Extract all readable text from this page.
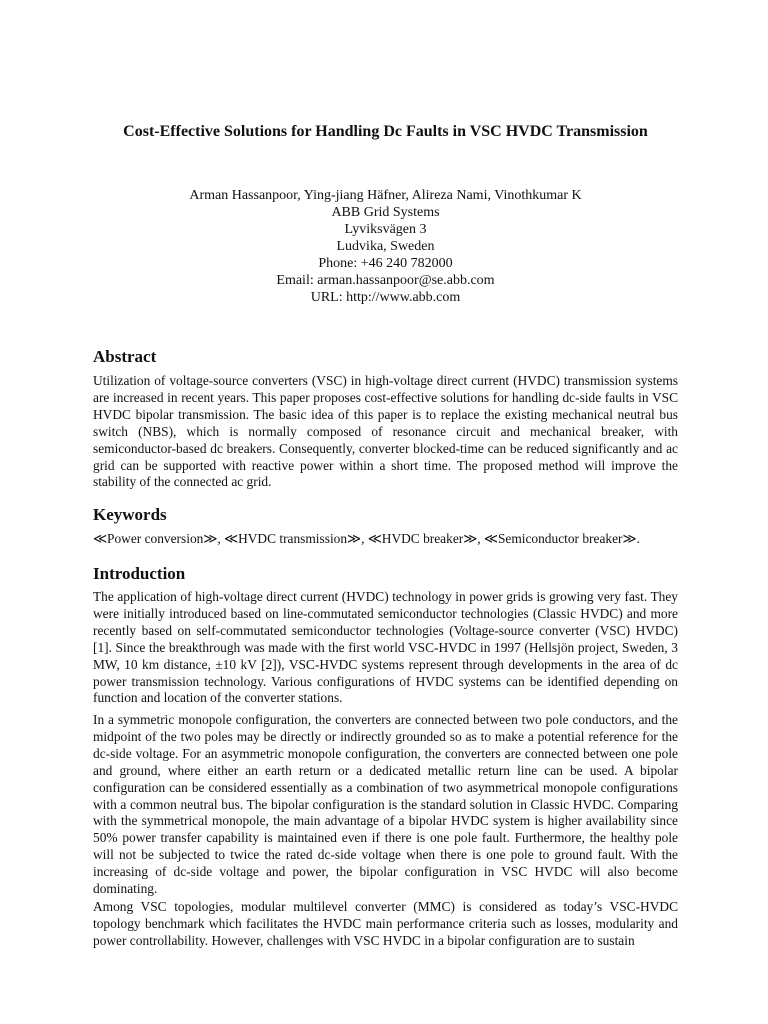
Cost-Effective Solutions for Handling Dc Faults in VSC HVDC Transmission
Arman Hassanpoor, Ying-jiang Häfner, Alireza Nami, Vinothkumar K
ABB Grid Systems
Lyviksvägen 3
Ludvika, Sweden
Phone: +46 240 782000
Email: arman.hassanpoor@se.abb.com
URL: http://www.abb.com
Abstract

Utilization of voltage-source converters (VSC) in high-voltage direct current (HVDC) transmission systems are increased in recent years. This paper proposes cost-effective solutions for handling dc-side faults in VSC HVDC bipolar transmission. The basic idea of this paper is to replace the existing mechanical neutral bus switch (NBS), which is normally composed of resonance circuit and mechanical breaker, with semiconductor-based dc breakers. Consequently, converter blocked-time can be reduced significantly and ac grid can be supported with reactive power within a short time. The proposed method will improve the stability of the connected ac grid.

Keywords
≪Power conversion≫, ≪HVDC transmission≫, ≪HVDC breaker≫, ≪Semiconductor breaker≫.
Introduction

The application of high-voltage direct current (HVDC) technology in power grids is growing very fast. They were initially introduced based on line-commutated semiconductor technologies (Classic HVDC) and more recently based on self-commutated semiconductor technologies (Voltage-source converter (VSC) HVDC) [1]. Since the breakthrough was made with the first world VSC-HVDC in 1997 (Hellsjön project, Sweden, 3 MW, 10 km distance, ±10 kV [2]), VSC-HVDC systems represent through developments in the area of dc power transmission technology. Various configurations of HVDC systems can be identified depending on function and location of the converter stations.

In a symmetric monopole configuration, the converters are connected between two pole conductors, and the midpoint of the two poles may be directly or indirectly grounded so as to make a potential reference for the dc-side voltage. For an asymmetric monopole configuration, the converters are connected between one pole and ground, where either an earth return or a dedicated metallic return line can be used. A bipolar configuration can be considered essentially as a combination of two asymmetrical monopole configurations with a common neutral bus. The bipolar configuration is the standard solution in Classic HVDC. Comparing with the symmetrical monopole, the main advantage of a bipolar HVDC system is higher availability since 50% power transfer capability is maintained even if there is one pole fault. Furthermore, the healthy pole will not be subjected to twice the rated dc-side voltage when there is one pole to ground fault. With the increasing of dc-side voltage and power, the bipolar configuration in VSC HVDC will also become dominating.

Among VSC topologies, modular multilevel converter (MMC) is considered as today’s VSC-HVDC topology benchmark which facilitates the HVDC main performance criteria such as losses, modularity and power controllability. However, challenges with VSC HVDC in a bipolar configuration are to sustain
